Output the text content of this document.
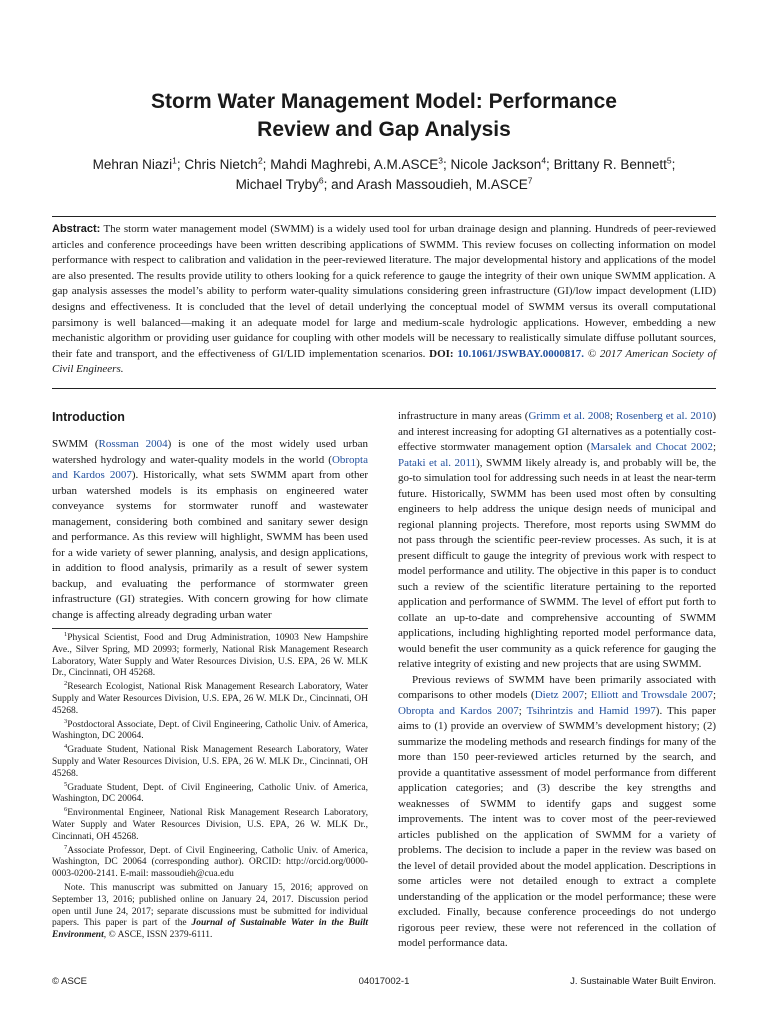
Storm Water Management Model: Performance
Review and Gap Analysis
Mehran Niazi$^1$; Chris Nietch$^2$; Mahdi Maghrebi, A.M.ASCE$^3$; Nicole Jackson$^4$; Brittany R. Bennett$^5$;
Michael Tryby$^6$; and Arash Massoudieh, M.ASCE$^7$
Abstract: The storm water management model (SWMM) is a widely used tool for urban drainage design and planning. Hundreds of peer-reviewed articles and conference proceedings have been written describing applications of SWMM. This review focuses on collecting information on model performance with respect to calibration and validation in the peer-reviewed literature. The major developmental history and applications of the model are also presented. The results provide utility to others looking for a quick reference to gauge the integrity of their own unique SWMM application. A gap analysis assesses the model’s ability to perform water-quality simulations considering green infrastructure (GI)/low impact development (LID) designs and effectiveness. It is concluded that the level of detail underlying the conceptual model of SWMM versus its overall computational parsimony is well balanced—making it an adequate model for large and medium-scale hydrologic applications. However, embedding a new mechanistic algorithm or providing user guidance for coupling with other models will be necessary to realistically simulate diffuse pollutant sources, their fate and transport, and the effectiveness of GI/LID implementation scenarios. DOI: 10.1061/JSWBAY.0000817. © 2017 American Society of Civil Engineers.
Introduction

SWMM (Rossman 2004) is one of the most widely used urban watershed hydrology and water-quality models in the world (Obropta and Kardos 2007). Historically, what sets SWMM apart from other urban watershed models is its emphasis on engineered water conveyance systems for stormwater runoff and wastewater management, considering both combined and sanitary sewer design and performance. As this review will highlight, SWMM has been used for a wide variety of sewer planning, analysis, and design applications, in addition to flood analysis, primarily as a result of sewer system backup, and evaluating the performance of stormwater green infrastructure (GI) strategies. With concern growing for how climate change is affecting already degrading urban water

$^1$Physical Scientist, Food and Drug Administration, 10903 New Hampshire Ave., Silver Spring, MD 20993; formerly, National Risk Management Research Laboratory, Water Supply and Water Resources Division, U.S. EPA, 26 W. MLK Dr., Cincinnati, OH 45268.

$^2$Research Ecologist, National Risk Management Research Laboratory, Water Supply and Water Resources Division, U.S. EPA, 26 W. MLK Dr., Cincinnati, OH 45268.

$^3$Postdoctoral Associate, Dept. of Civil Engineering, Catholic Univ. of America, Washington, DC 20064.

$^4$Graduate Student, National Risk Management Research Laboratory, Water Supply and Water Resources Division, U.S. EPA, 26 W. MLK Dr., Cincinnati, OH 45268.

$^5$Graduate Student, Dept. of Civil Engineering, Catholic Univ. of America, Washington, DC 20064.

$^6$Environmental Engineer, National Risk Management Research Laboratory, Water Supply and Water Resources Division, U.S. EPA, 26 W. MLK Dr., Cincinnati, OH 45268.

$^7$Associate Professor, Dept. of Civil Engineering, Catholic Univ. of America, Washington, DC 20064 (corresponding author). ORCID: http://orcid.org/0000-0003-0200-2141. E-mail: massoudieh@cua.edu

Note. This manuscript was submitted on January 15, 2016; approved on September 13, 2016; published online on January 24, 2017. Discussion period open until June 24, 2017; separate discussions must be submitted for individual papers. This paper is part of the Journal of Sustainable Water in the Built Environment, © ASCE, ISSN 2379-6111.

infrastructure in many areas (Grimm et al. 2008; Rosenberg et al. 2010) and interest increasing for adopting GI alternatives as a potentially cost-effective stormwater management option (Marsalek and Chocat 2002; Pataki et al. 2011), SWMM likely already is, and probably will be, the go-to simulation tool for addressing such needs in at least the near-term future. Historically, SWMM has been used most often by consulting engineers to help address the unique design needs of municipal and regional planning projects. Therefore, most reports using SWMM do not pass through the scientific peer-review processes. As such, it is at present difficult to gauge the integrity of previous work with respect to model performance and utility. The objective in this paper is to conduct such a review of the scientific literature pertaining to the reported application and performance of SWMM. The level of effort put forth to collate an up-to-date and comprehensive accounting of SWMM applications, including highlighting reported model performance data, would benefit the user community as a quick reference for gauging the relative integrity of existing and new projects that are using SWMM.

Previous reviews of SWMM have been primarily associated with comparisons to other models (Dietz 2007; Elliott and Trowsdale 2007; Obropta and Kardos 2007; Tsihrintzis and Hamid 1997). This paper aims to (1) provide an overview of SWMM’s development history; (2) summarize the modeling methods and research findings for many of the more than 150 peer-reviewed articles returned by the search, and provide a quantitative assessment of model performance from different application categories; and (3) describe the key strengths and weaknesses of SWMM to identify gaps and suggest some improvements. The intent was to cover most of the peer-reviewed articles published on the application of SWMM for a variety of problems. The decision to include a paper in the review was based on the level of detail provided about the model application. Descriptions in some articles were not detailed enough to extract a complete understanding of the application or the model performance; these were excluded. Finally, because conference proceedings do not undergo rigorous peer review, these were not referenced in the collation of model performance data.

© ASCE	04017002-1	J. Sustainable Water Built Environ.
